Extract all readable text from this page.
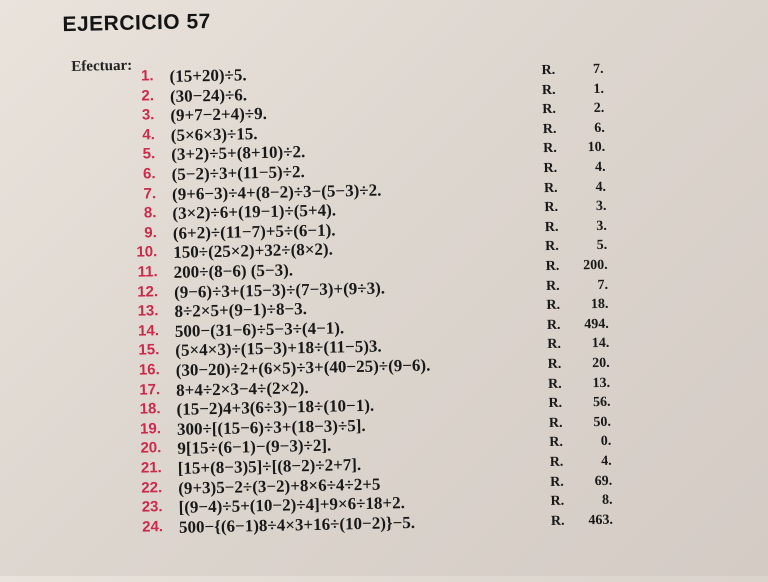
EJERCICIO 57
Efectuar:
1. (15+20)÷5.	R.	7.
2. (30−24)÷6.	R.	1.
3. (9+7−2+4)÷9.	R.	2.
4. (5×6×3)÷15.	R.	6.
5. (3+2)÷5+(8+10)÷2.	R.	10.
6. (5−2)÷3+(11−5)÷2.	R.	4.
7. (9+6−3)÷4+(8−2)÷3−(5−3)÷2.	R.	4.
8. (3×2)÷6+(19−1)÷(5+4).	R.	3.
9. (6+2)÷(11−7)+5÷(6−1).	R.	3.
10. 150÷(25×2)+32÷(8×2).	R.	5.
11. 200÷(8−6) (5−3).	R.	200.
12. (9−6)÷3+(15−3)÷(7−3)+(9÷3).	R.	7.
13. 8÷2×5+(9−1)÷8−3.	R.	18.
14. 500−(31−6)÷5−3÷(4−1).	R.	494.
15. (5×4×3)÷(15−3)+18÷(11−5)3.	R.	14.
16. (30−20)÷2+(6×5)÷3+(40−25)÷(9−6).	R.	20.
17. 8+4÷2×3−4÷(2×2).	R.	13.
18. (15−2)4+3(6÷3)−18÷(10−1).	R.	56.
19. 300÷[(15−6)÷3+(18−3)÷5].	R.	50.
20. 9[15÷(6−1)−(9−3)÷2].	R.	0.
21. [15+(8−3)5]÷[(8−2)÷2+7].	R.	4.
22. (9+3)5−2÷(3−2)+8×6÷4÷2+5	R.	69.
23. [(9−4)÷5+(10−2)÷4]+9×6÷18+2.	R.	8.
24. 500−{(6−1)8÷4×3+16÷(10−2)}−5.	R.	463.
